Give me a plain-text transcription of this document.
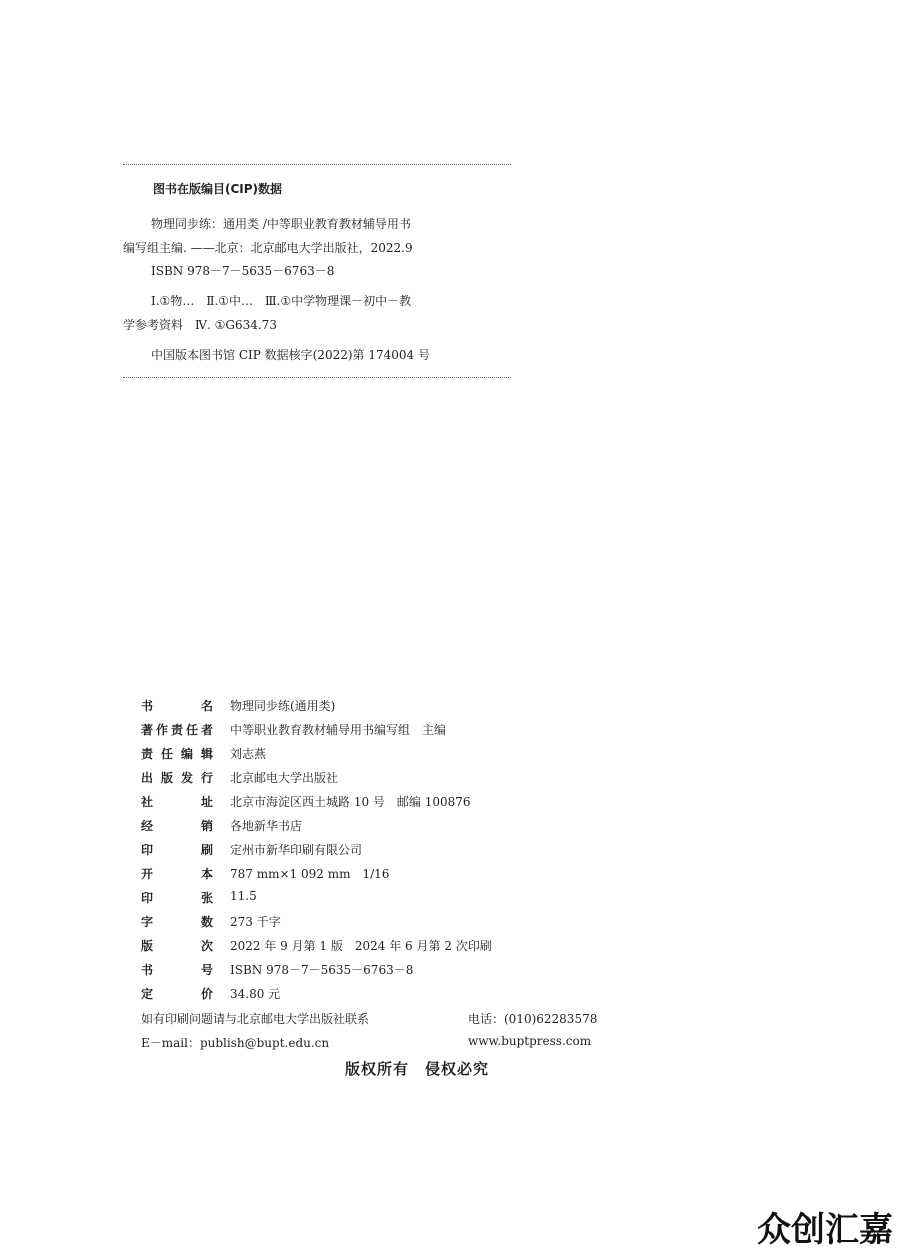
图书在版编目(CIP)数据
物理同步练：通用类 /中等职业教育教材辅导用书
编写组主编. ——北京：北京邮电大学出版社，2022.9
ISBN 978－7－5635－6763－8
Ⅰ.①物…　Ⅱ.①中…　Ⅲ.①中学物理课－初中－教
学参考资料　Ⅳ. ①G634.73
中国版本图书馆 CIP 数据核字(2022)第 174004 号
书名 物理同步练(通用类)
著作责任者 中等职业教育教材辅导用书编写组　主编
责任编辑 刘志燕
出版发行 北京邮电大学出版社
社址 北京市海淀区西土城路 10 号　邮编 100876
经销 各地新华书店
印刷 定州市新华印刷有限公司
开本 787 mm×1 092 mm　1/16
印张 11.5
字数 273 千字
版次 2022 年 9 月第 1 版　2024 年 6 月第 2 次印刷
书号 ISBN 978－7－5635－6763－8
定价 34.80 元
如有印刷问题请与北京邮电大学出版社联系	电话：(010)62283578
E－mail：publish@bupt.edu.cn	www.buptpress.com
版权所有　侵权必究
众创汇嘉
